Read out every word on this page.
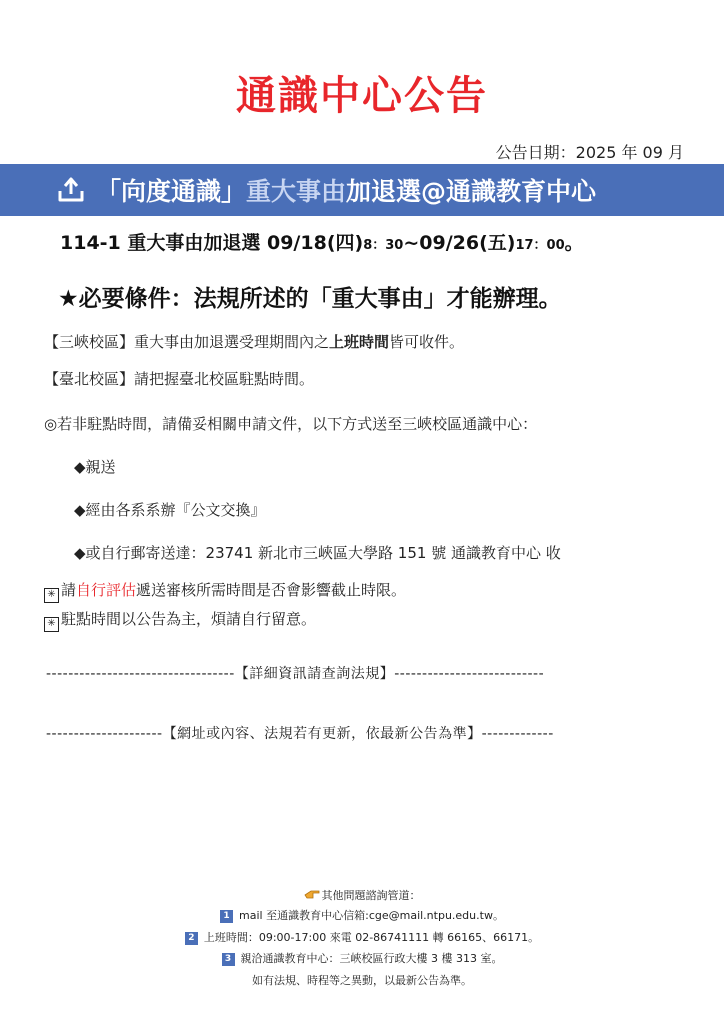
通識中心公告
公告日期：2025 年 09 月
「向度通識」 重大事由 加退選@通識教育中心
114-1 重大事由加退選 09/18(四)8：30~09/26(五)17：00。
★必要條件：法規所述的「重大事由」才能辦理。
【三峽校區】重大事由加退選受理期間內之上班時間皆可收件。
【臺北校區】請把握臺北校區駐點時間。
◎若非駐點時間，請備妥相關申請文件，以下方式送至三峽校區通識中心：
◆親送
◆經由各系系辦『公文交換』
◆或自行郵寄送達：23741 新北市三峽區大學路 151 號 通識教育中心 收
✳ 請自行評估遞送審核所需時間是否會影響截止時限。
✳ 駐點時間以公告為主，煩請自行留意。
----------------------------------【詳細資訊請查詢法規】---------------------------
---------------------【網址或內容、法規若有更新，依最新公告為準】-------------
其他問題諮詢管道：
1 mail 至通識教育中心信箱:cge@mail.ntpu.edu.tw。
2 上班時間：09:00-17:00 來電 02-86741111 轉 66165、66171。
3 親洽通識教育中心：三峽校區行政大樓 3 樓 313 室。
如有法規、時程等之異動，以最新公告為準。
